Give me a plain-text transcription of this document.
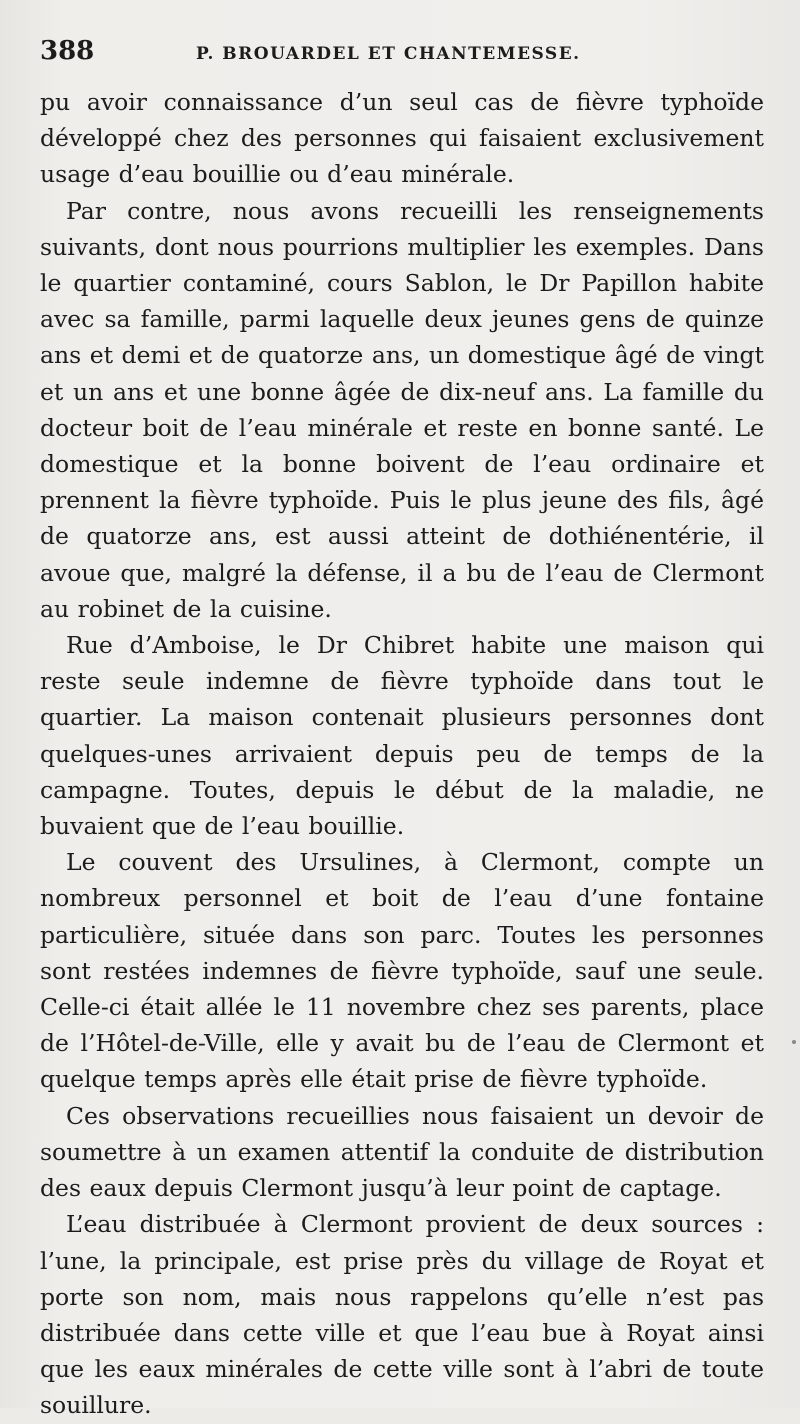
388	P. BROUARDEL ET CHANTEMESSE.

pu avoir connaissance d’un seul cas de fièvre typhoïde développé chez des personnes qui faisaient exclusivement usage d’eau bouillie ou d’eau minérale.

Par contre, nous avons recueilli les renseignements suivants, dont nous pourrions multiplier les exemples. Dans le quartier contaminé, cours Sablon, le Dr Papillon habite avec sa famille, parmi laquelle deux jeunes gens de quinze ans et demi et de quatorze ans, un domestique âgé de vingt et un ans et une bonne âgée de dix-neuf ans. La famille du docteur boit de l’eau minérale et reste en bonne santé. Le domestique et la bonne boivent de l’eau ordinaire et prennent la fièvre typhoïde. Puis le plus jeune des fils, âgé de quatorze ans, est aussi atteint de dothiénentérie, il avoue que, malgré la défense, il a bu de l’eau de Clermont au robinet de la cuisine.

Rue d’Amboise, le Dr Chibret habite une maison qui reste seule indemne de fièvre typhoïde dans tout le quartier. La maison contenait plusieurs personnes dont quelques-unes arrivaient depuis peu de temps de la campagne. Toutes, depuis le début de la maladie, ne buvaient que de l’eau bouillie.

Le couvent des Ursulines, à Clermont, compte un nombreux personnel et boit de l’eau d’une fontaine particulière, située dans son parc. Toutes les personnes sont restées indemnes de fièvre typhoïde, sauf une seule. Celle-ci était allée le 11 novembre chez ses parents, place de l’Hôtel-de-Ville, elle y avait bu de l’eau de Clermont et quelque temps après elle était prise de fièvre typhoïde.

Ces observations recueillies nous faisaient un devoir de soumettre à un examen attentif la conduite de distribution des eaux depuis Clermont jusqu’à leur point de captage.

L’eau distribuée à Clermont provient de deux sources : l’une, la principale, est prise près du village de Royat et porte son nom, mais nous rappelons qu’elle n’est pas distribuée dans cette ville et que l’eau bue à Royat ainsi que les eaux minérales de cette ville sont à l’abri de toute souillure.
